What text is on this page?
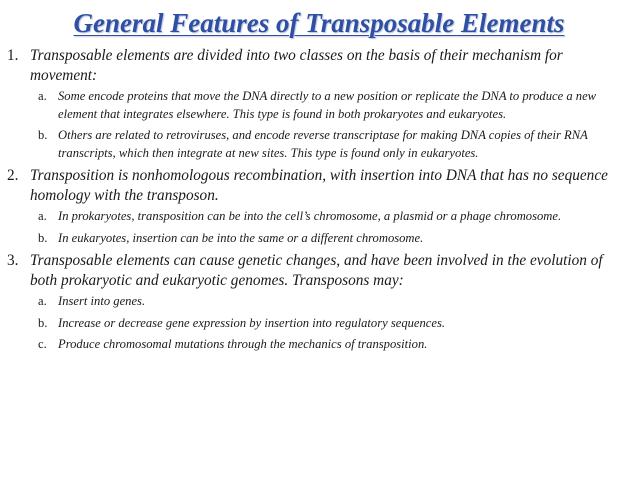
General Features of Transposable Elements
1. Transposable elements are divided into two classes on the basis of their mechanism for movement:
a. Some encode proteins that move the DNA directly to a new position or replicate the DNA to produce a new element that integrates elsewhere. This type is found in both prokaryotes and eukaryotes.
b. Others are related to retroviruses, and encode reverse transcriptase for making DNA copies of their RNA transcripts, which then integrate at new sites. This type is found only in eukaryotes.
2. Transposition is nonhomologous recombination, with insertion into DNA that has no sequence homology with the transposon.
a. In prokaryotes, transposition can be into the cell’s chromosome, a plasmid or a phage chromosome.
b. In eukaryotes, insertion can be into the same or a different chromosome.
3. Transposable elements can cause genetic changes, and have been involved in the evolution of both prokaryotic and eukaryotic genomes. Transposons may:
a. Insert into genes.
b. Increase or decrease gene expression by insertion into regulatory sequences.
c. Produce chromosomal mutations through the mechanics of transposition.
